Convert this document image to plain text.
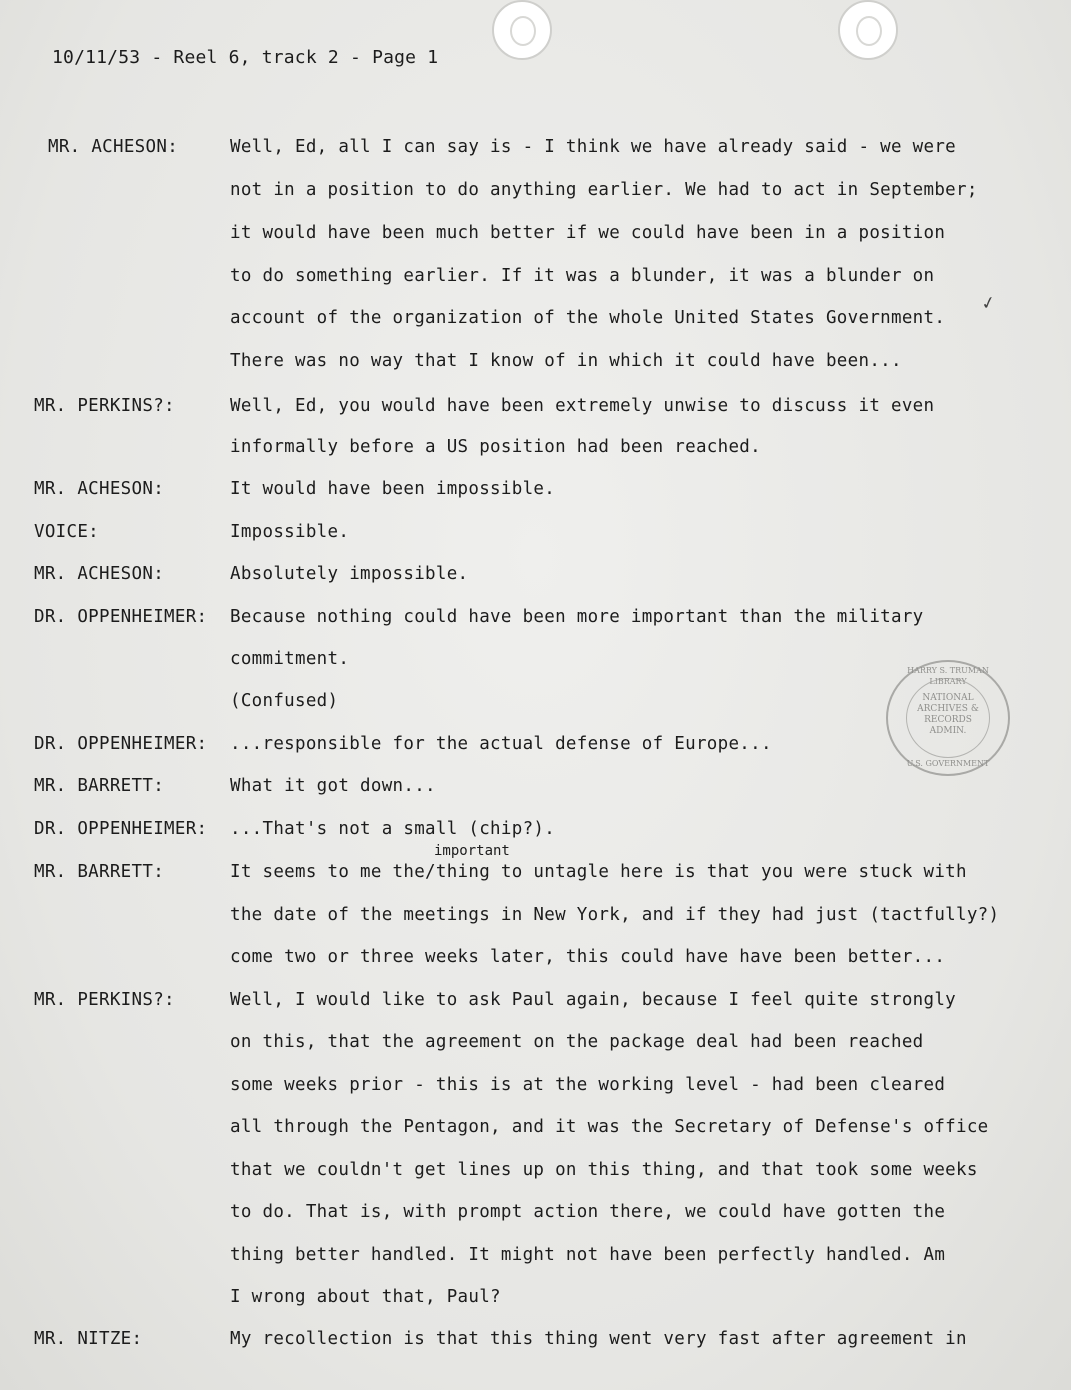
10/11/53 - Reel 6, track 2 - Page 1
MR. ACHESON:
MR. PERKINS?:
MR. ACHESON:
VOICE:
MR. ACHESON:
DR. OPPENHEIMER:
DR. OPPENHEIMER:
MR. BARRETT:
DR. OPPENHEIMER:
MR. BARRETT:
MR. PERKINS?:
MR. NITZE:
Well, Ed, all I can say is - I think we have already said - we were
not in a position to do anything earlier. We had to act in September;
it would have been much better if we could have been in a position
to do something earlier. If it was a blunder, it was a blunder on
account of the organization of the whole United States Government.
There was no way that I know of in which it could have been...
Well, Ed, you would have been extremely unwise to discuss it even
informally before a US position had been reached.
It would have been impossible.
Impossible.
Absolutely impossible.
Because nothing could have been more important than the military
commitment.
(Confused)
...responsible for the actual defense of Europe...
What it got down...
...That's not a small (chip?).
important
It seems to me the/thing to untagle here is that you were stuck with
the date of the meetings in New York, and if they had just (tactfully?)
come two or three weeks later, this could have have been better...
Well, I would like to ask Paul again, because I feel quite strongly
on this, that the agreement on the package deal had been reached
some weeks prior - this is at the working level - had been cleared
all through the Pentagon, and it was the Secretary of Defense's office
that we couldn't get lines up on this thing, and that took some weeks
to do. That is, with prompt action there, we could have gotten the
thing better handled. It might not have been perfectly handled. Am
I wrong about that, Paul?
My recollection is that this thing went very fast after agreement in
✓
HARRY S. TRUMAN LIBRARY
NATIONAL
ARCHIVES &
RECORDS
ADMIN.
U.S. GOVERNMENT
